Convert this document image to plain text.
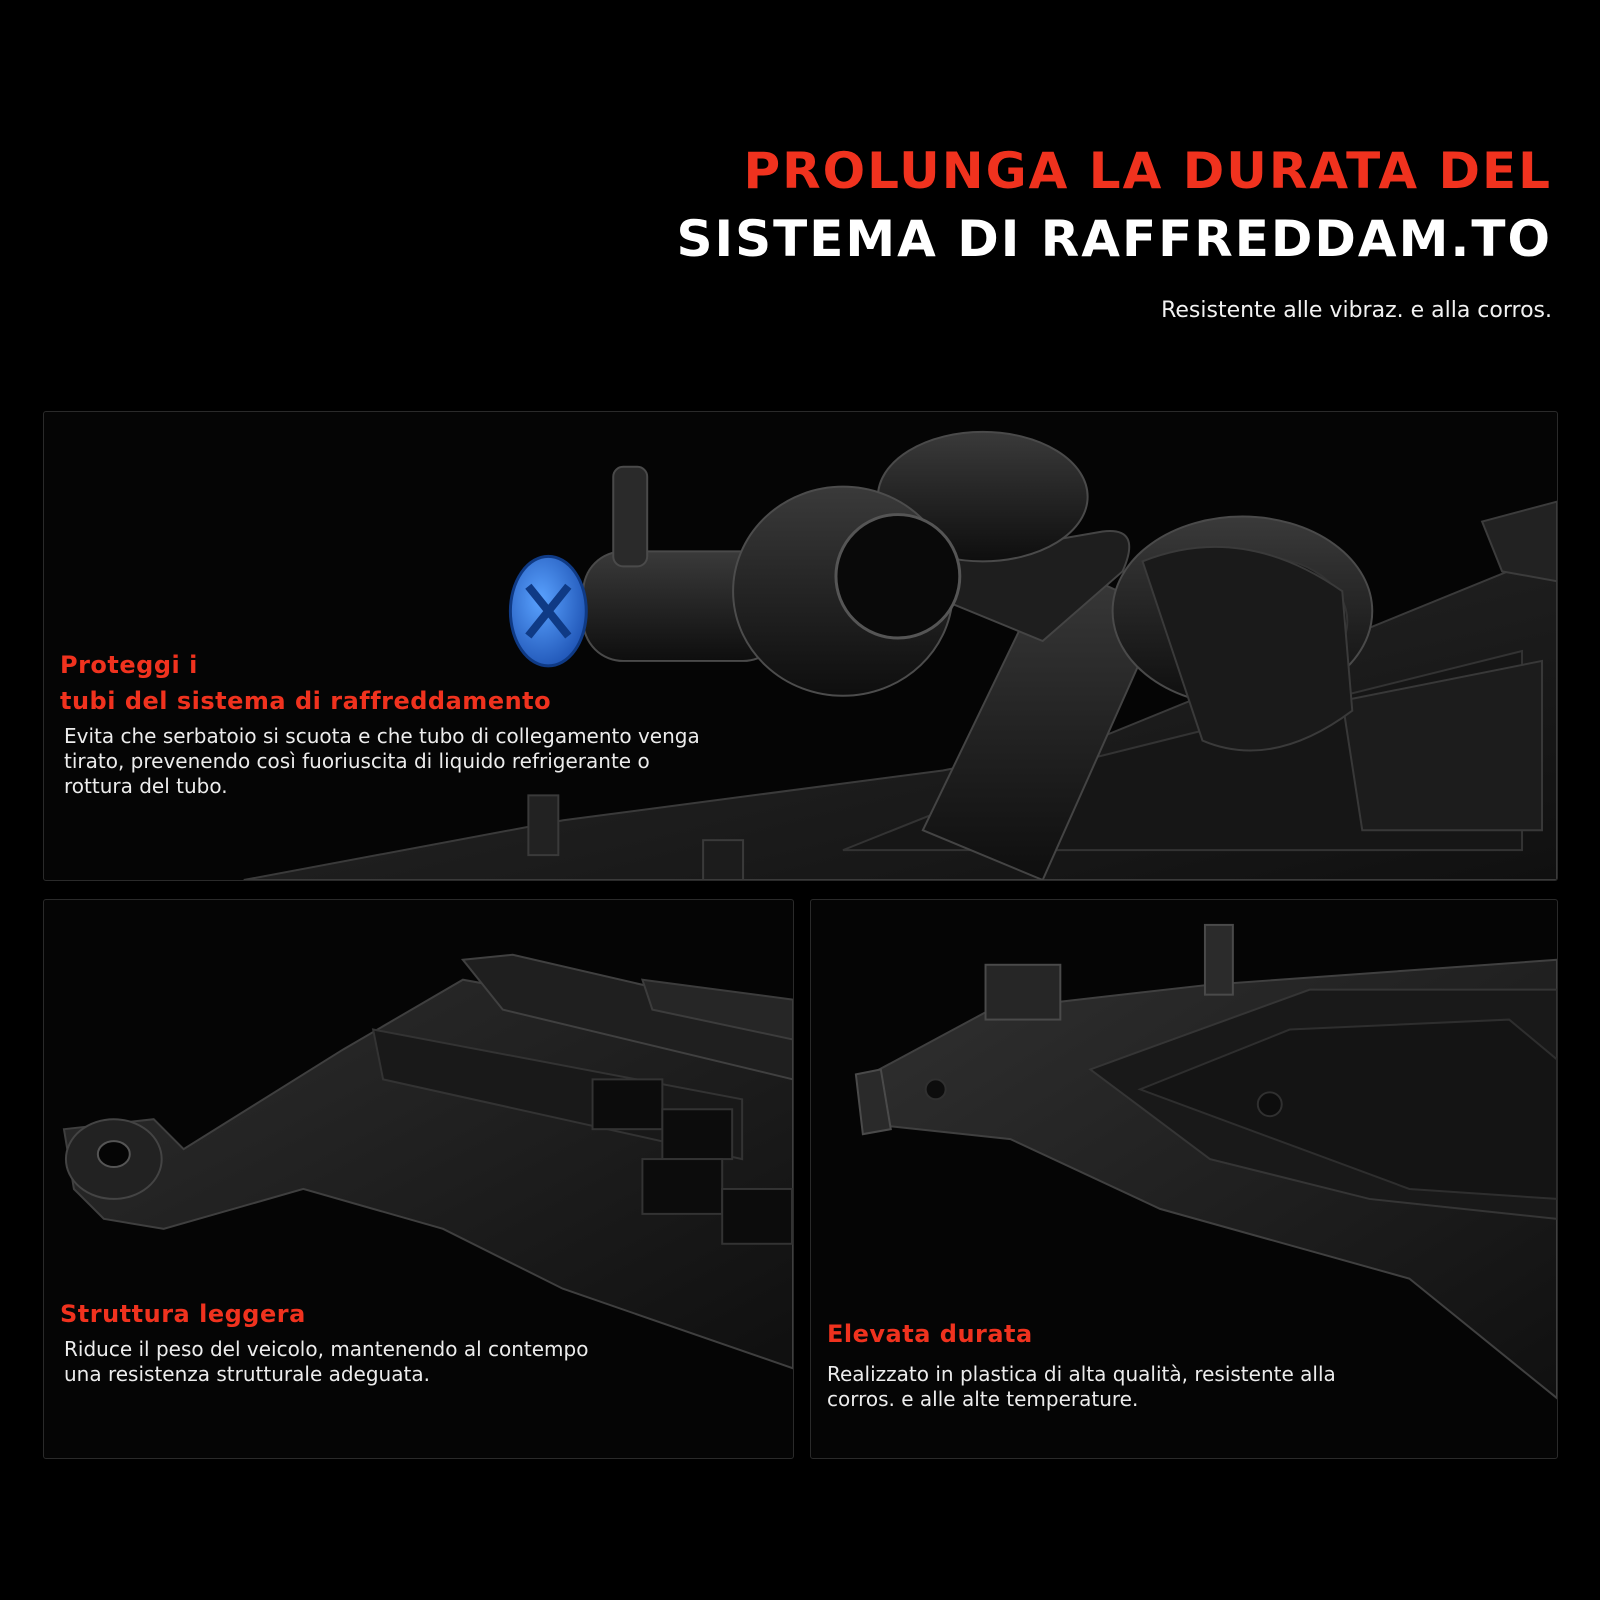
PROLUNGA LA DURATA DEL
SISTEMA DI RAFFREDDAM.TO
Resistente alle vibraz. e alla corros.
Proteggi i
tubi del sistema di raffreddamento
Evita che serbatoio si scuota e che tubo di collegamento venga tirato, prevenendo così fuoriuscita di liquido refrigerante o rottura del tubo.
Struttura leggera
Riduce il peso del veicolo, mantenendo al contempo una resistenza strutturale adeguata.
Elevata durata
Realizzato in plastica di alta qualità, resistente alla corros. e alle alte temperature.
